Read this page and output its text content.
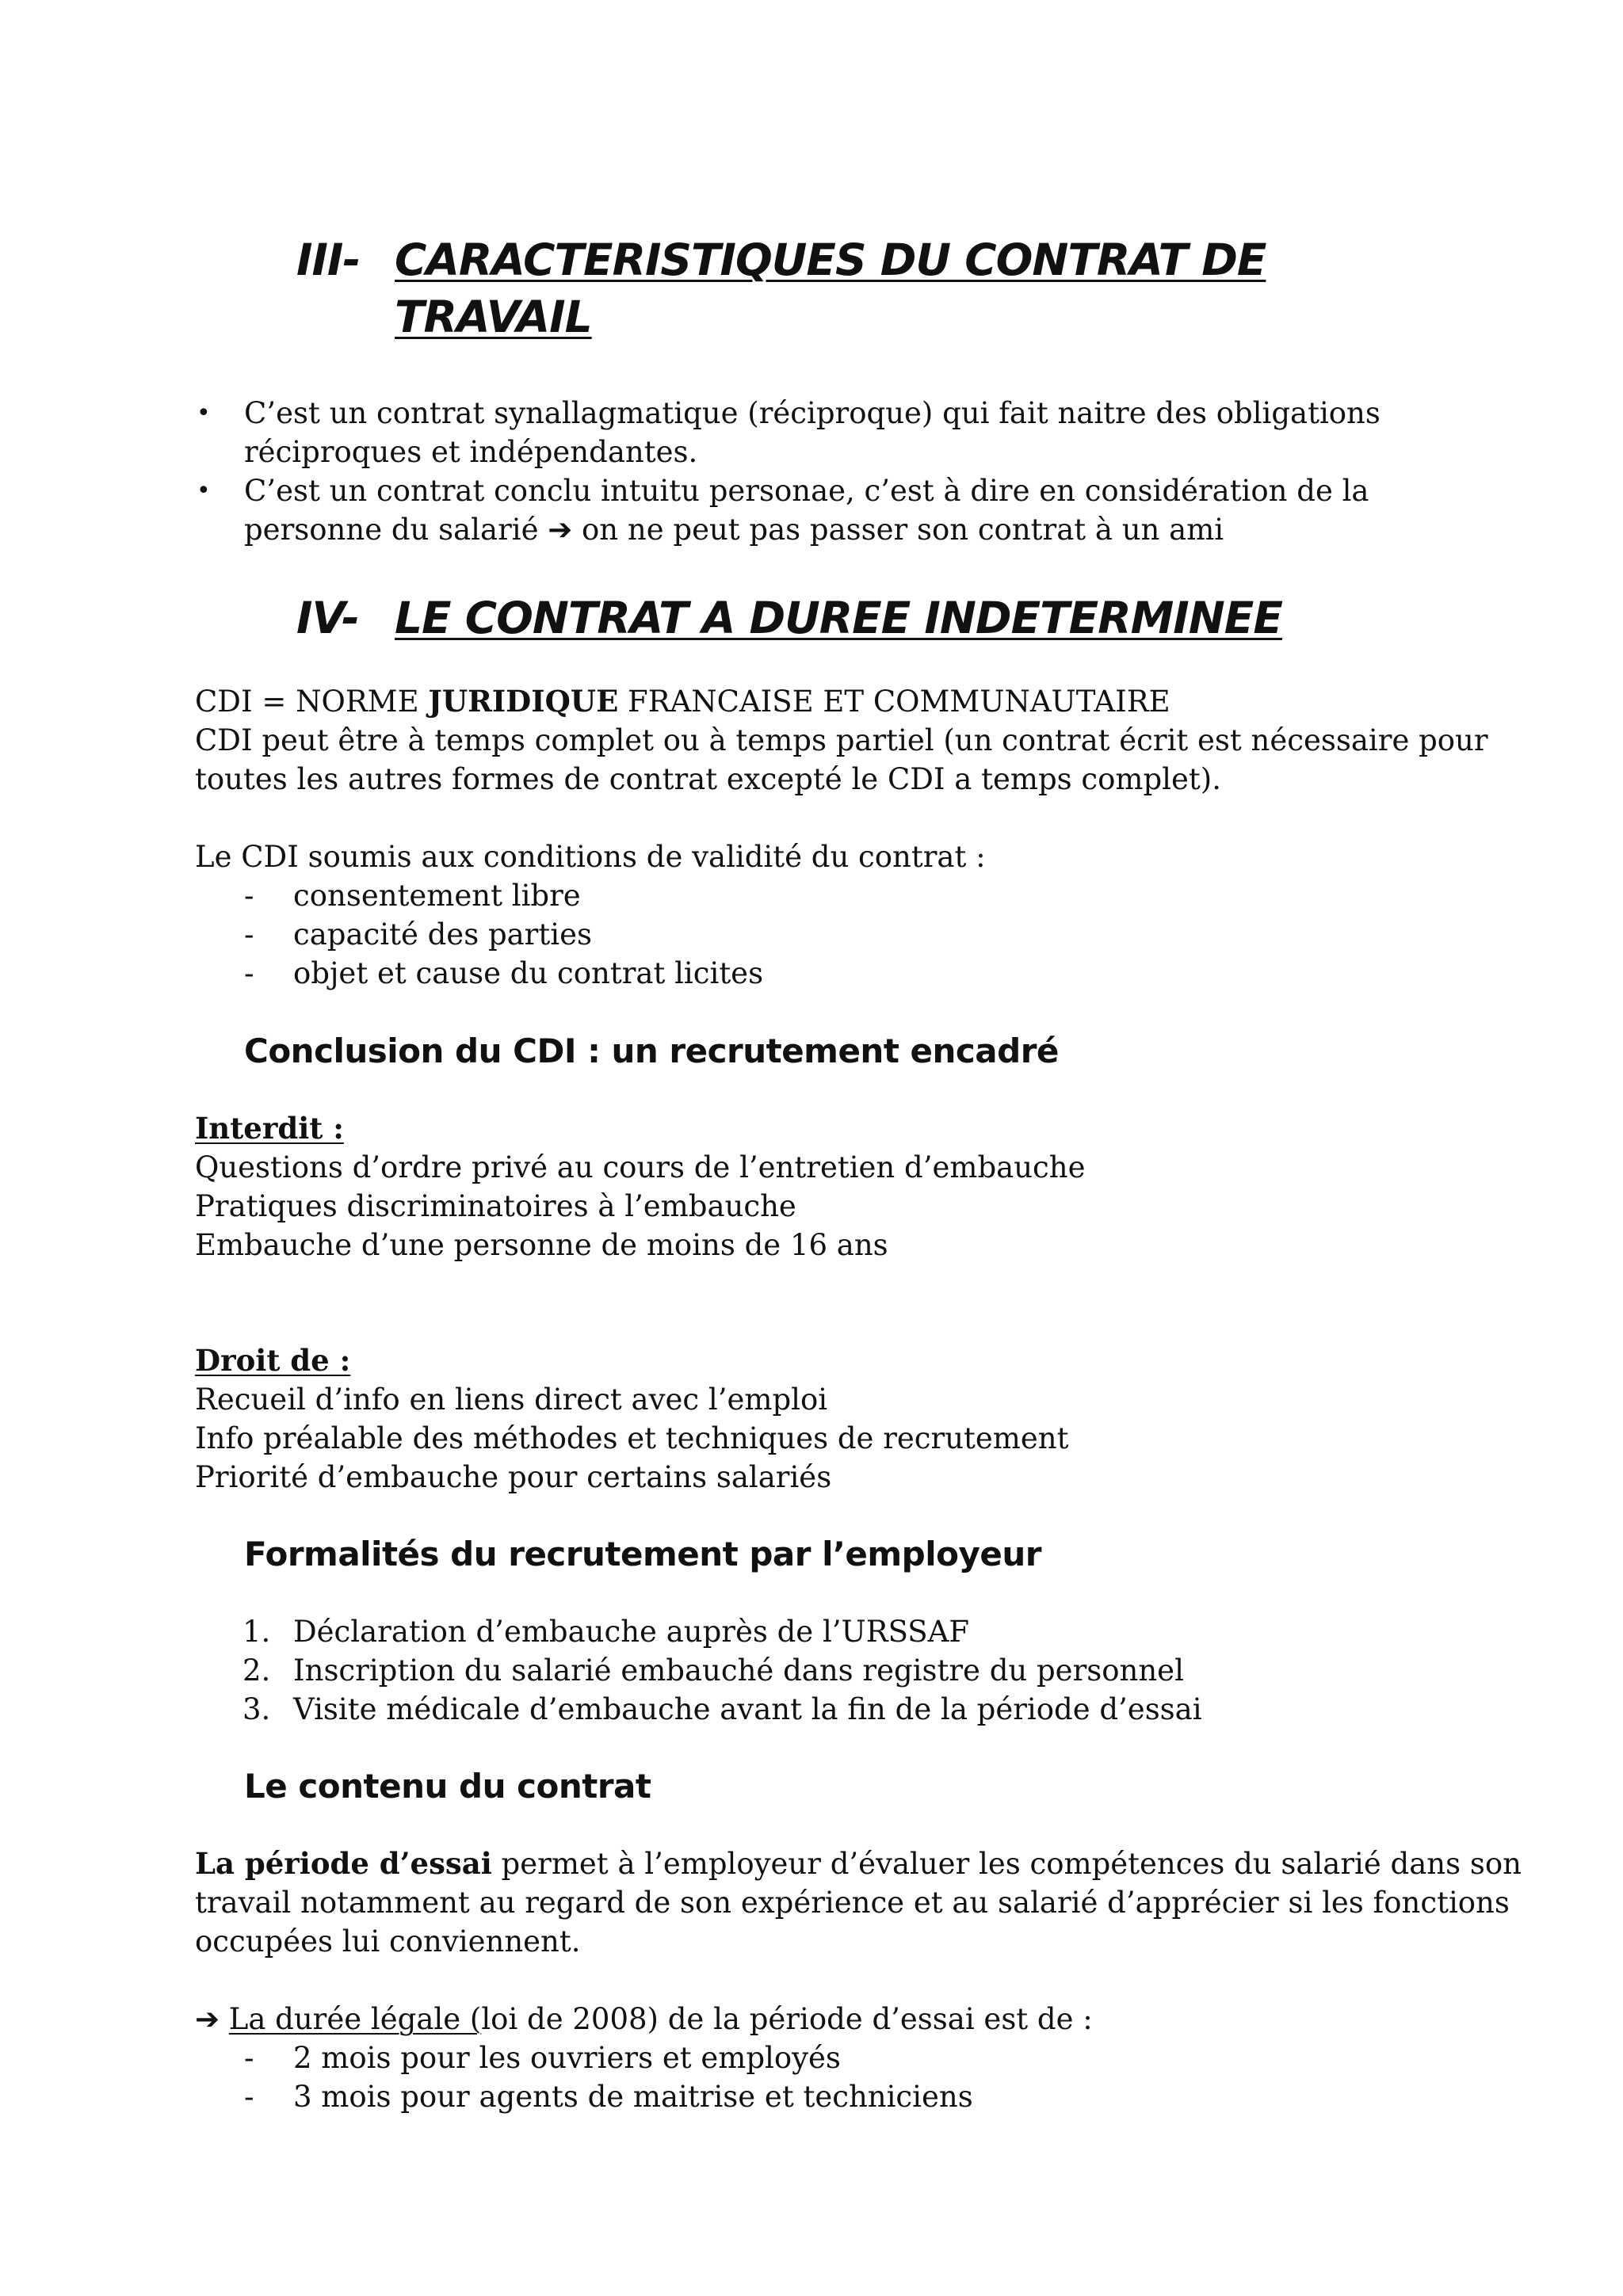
III- CARACTERISTIQUES DU CONTRAT DE
TRAVAIL
• C’est un contrat synallagmatique (réciproque) qui fait naitre des obligations
réciproques et indépendantes.
• C’est un contrat conclu intuitu personae, c’est à dire en considération de la
personne du salarié ➔ on ne peut pas passer son contrat à un ami
IV- LE CONTRAT A DUREE INDETERMINEE
CDI = NORME JURIDIQUE FRANCAISE ET COMMUNAUTAIRE
CDI peut être à temps complet ou à temps partiel (un contrat écrit est nécessaire pour
toutes les autres formes de contrat excepté le CDI a temps complet).
Le CDI soumis aux conditions de validité du contrat :
- consentement libre
- capacité des parties
- objet et cause du contrat licites
Conclusion du CDI : un recrutement encadré
Interdit :
Questions d’ordre privé au cours de l’entretien d’embauche
Pratiques discriminatoires à l’embauche
Embauche d’une personne de moins de 16 ans
Droit de :
Recueil d’info en liens direct avec l’emploi
Info préalable des méthodes et techniques de recrutement
Priorité d’embauche pour certains salariés
Formalités du recrutement par l’employeur
1. Déclaration d’embauche auprès de l’URSSAF
2. Inscription du salarié embauché dans registre du personnel
3. Visite médicale d’embauche avant la fin de la période d’essai
Le contenu du contrat
La période d’essai permet à l’employeur d’évaluer les compétences du salarié dans son
travail notamment au regard de son expérience et au salarié d’apprécier si les fonctions
occupées lui conviennent.
➔ La durée légale (loi de 2008) de la période d’essai est de :
- 2 mois pour les ouvriers et employés
- 3 mois pour agents de maitrise et techniciens
